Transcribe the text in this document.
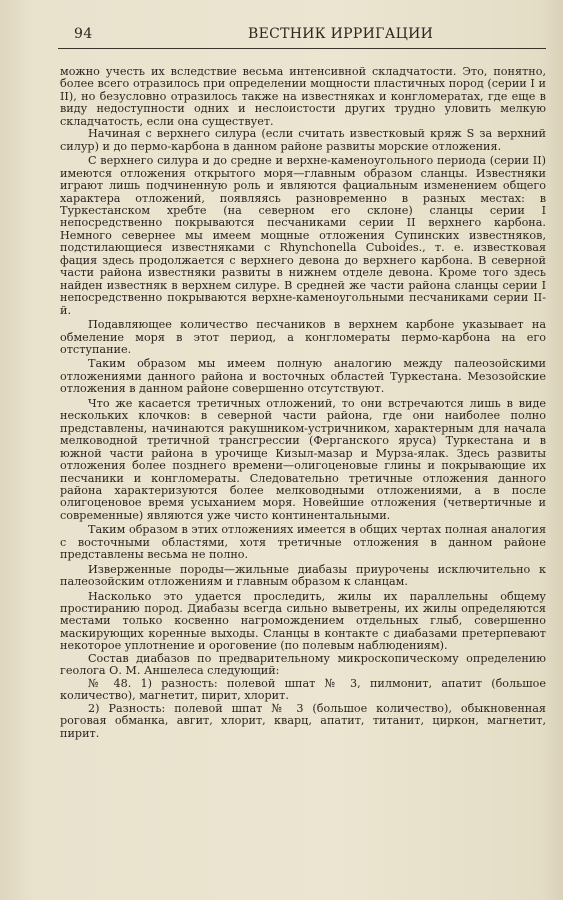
94	ВЕСТНИК ИРРИГАЦИИ

можно учесть их вследствие весьма интенсивной складчатости. Это, понятно, более всего отразилось при определении мощности пластичных пород (серии I и II), но безусловно отразилось также на известняках и конгломератах, где еще в виду недоступности одних и неслоистости других трудно уловить мелкую складчатость, если она существует.

Начиная с верхнего силура (если считать известковый кряж S за верхний силур) и до пермо-карбона в данном районе развиты морские отложения.

С верхнего силура и до средне и верхне-каменоугольного периода (серии II) имеются отложения открытого моря—главным образом сланцы. Известняки играют лишь подчиненную роль и являются фациальным изменением общего характера отложений, появляясь разновременно в разных местах: в Туркестанском хребте (на северном его склоне) сланцы серии I непосредственно покрываются песчаниками серии II верхнего карбона. Немного севернее мы имеем мощные отложения Супинских известняков, подстилающиеся известняками с Rhynchonella Cuboides., т. е. известковая фация здесь продолжается с верхнего девона до верхнего карбона. В северной части района известняки развиты в нижнем отделе девона. Кроме того здесь найден известняк в верхнем силуре. В средней же части района сланцы серии I непосредственно покрываются верхне-каменоугольными песчаниками серии II-й.

Подавляющее количество песчаников в верхнем карбоне указывает на обмеление моря в этот период, а конгломераты пермо-карбона на его отступание.

Таким образом мы имеем полную аналогию между палеозойскими отложениями данного района и восточных областей Туркестана. Мезозойские отложения в данном районе совершенно отсутствуют.

Что же касается третичных отложений, то они встречаются лишь в виде нескольких клочков: в северной части района, где они наиболее полно представлены, начинаются ракушником-устричником, характерным для начала мелководной третичной трансгрессии (Ферганского яруса) Туркестана и в южной части района в урочище Кизыл-мазар и Мурза-ялак. Здесь развиты отложения более позднего времени—олигоценовые глины и покрывающие их песчаники и конгломераты. Следовательно третичные отложения данного района характеризуются более мелководными отложениями, а в после олигоценовое время усыханием моря. Новейшие отложения (четвертичные и современные) являются уже чисто континентальными.

Таким образом в этих отложениях имеется в общих чертах полная аналогия с восточными областями, хотя третичные отложения в данном районе представлены весьма не полно.

Изверженные породы—жильные диабазы приурочены исключительно к палеозойским отложениям и главным образом к сланцам.

Насколько это удается проследить, жилы их параллельны общему простиранию пород. Диабазы всегда сильно выветрены, их жилы определяются местами только косвенно нагромождением отдельных глыб, совершенно маскирующих коренные выходы. Сланцы в контакте с диабазами претерпевают некоторое уплотнение и ороговение (по полевым наблюдениям).

Состав диабазов по предварительному микроскопическому определению геолога О. М. Аншелеса следующий:

№ 48. 1) разность: полевой шпат № 3, пилмонит, апатит (большое количество), магнетит, пирит, хлорит.

2) Разность: полевой шпат № 3 (большое количество), обыкновенная роговая обманка, авгит, хлорит, кварц, апатит, титанит, циркон, магнетит, пирит.
